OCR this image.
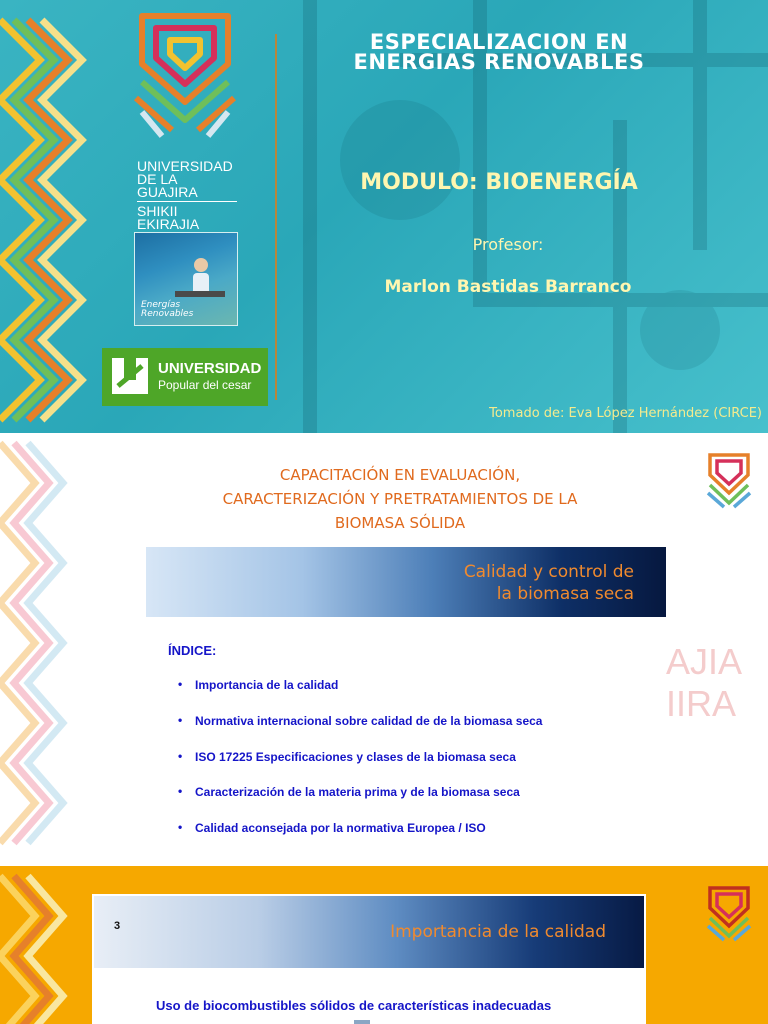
UNIVERSIDAD
DE LA GUAJIRA
SHIKII EKIRAJIA
Energías
Renovables
UNIVERSIDAD
Popular del cesar
ESPECIALIZACION EN
ENERGIAS RENOVABLES
MODULO: BIOENERGÍA
Profesor:
Marlon Bastidas Barranco
Tomado de: Eva López Hernández (CIRCE)
CAPACITACIÓN EN EVALUACIÓN,
CARACTERIZACIÓN Y PRETRATAMIENTOS DE LA
BIOMASA SÓLIDA
Calidad y control de
la biomasa seca
AJIA
IIRA
ÍNDICE:
• Importancia de la calidad
• Normativa internacional sobre calidad de de la biomasa seca
• ISO 17225 Especificaciones y clases de la biomasa seca
• Caracterización de la materia prima y de la biomasa seca
• Calidad aconsejada por la normativa Europea / ISO
3	Importancia de la calidad
Uso de biocombustibles sólidos de características inadecuadas
